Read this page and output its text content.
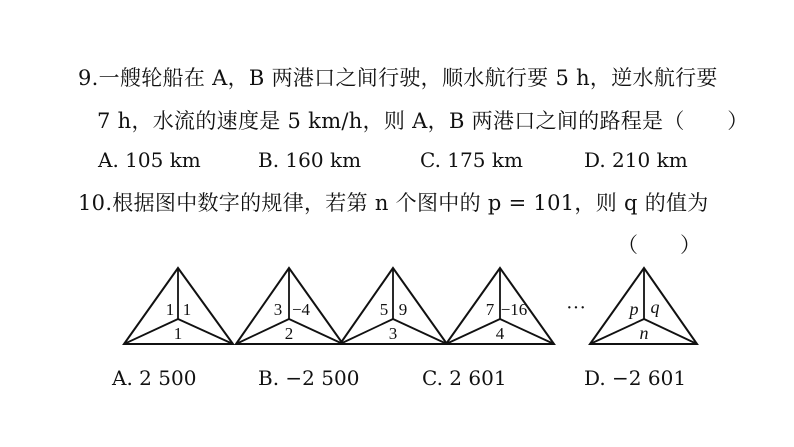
9.一艘轮船在 A，B 两港口之间行驶，顺水航行要 5 h，逆水航行要
7 h，水流的速度是 5 km/h，则 A，B 两港口之间的路程是（　　）
A. 105 km	B. 160 km	C. 175 km	D. 210 km
10.根据图中数字的规律，若第 n 个图中的 p = 101，则 q 的值为
（　　）
1 1
1
3 −4
2
5 9
3
7 −16
4
··· p q
n
A. 2 500	B. −2 500	C. 2 601	D. −2 601
